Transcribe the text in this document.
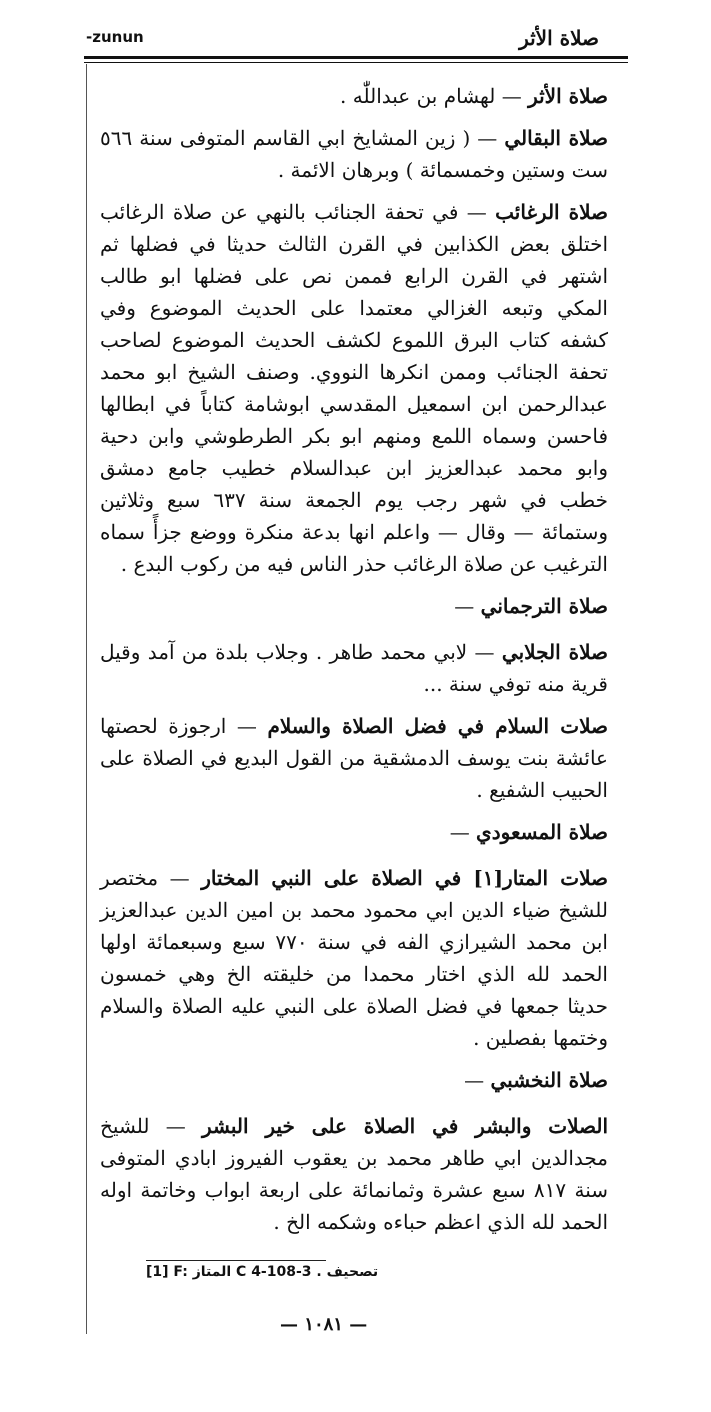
-zunun	صلاة الأثر
صلاة الأثر — لهشام بن عبداللّٰه .
صلاة البقالي — ( زين المشايخ ابي القاسم المتوفى سنة ٥٦٦ ست وستين وخمسمائة ) وبرهان الائمة .
صلاة الرغائب — في تحفة الجنائب بالنهي عن صلاة الرغائب اختلق بعض الكذابين في القرن الثالث حديثا في فضلها ثم اشتهر في القرن الرابع فممن نص على فضلها ابو طالب المكي وتبعه الغزالي معتمدا على الحديث الموضوع وفي كشفه كتاب البرق اللموع لكشف الحديث الموضوع لصاحب تحفة الجنائب وممن انكرها النووي. وصنف الشيخ ابو محمد عبدالرحمن ابن اسمعيل المقدسي ابوشامة كتاباً في ابطالها فاحسن وسماه اللمع ومنهم ابو بكر الطرطوشي وابن دحية وابو محمد عبدالعزيز ابن عبدالسلام خطيب جامع دمشق خطب في شهر رجب يوم الجمعة سنة ٦٣٧ سبع وثلاثين وستمائة — وقال — واعلم انها بدعة منكرة ووضع جزأً سماه الترغيب عن صلاة الرغائب حذر الناس فيه من ركوب البدع .
صلاة الترجماني —
صلاة الجلابي — لابي محمد طاهر . وجلاب بلدة من آمد وقيل قرية منه توفي سنة ...
صلات السلام في فضل الصلاة والسلام — ارجوزة لحصتها عائشة بنت يوسف الدمشقية من القول البديع في الصلاة على الحبيب الشفيع .
صلاة المسعودي —
صلات المتار[١] في الصلاة على النبي المختار — مختصر للشيخ ضياء الدين ابي محمود محمد بن امين الدين عبدالعزيز ابن محمد الشيرازي الفه في سنة ٧٧٠ سبع وسبعمائة اولها الحمد لله الذي اختار محمدا من خليقته الخ وهي خمسون حديثا جمعها في فضل الصلاة على النبي عليه الصلاة والسلام وختمها بفصلين .
صلاة النخشبي —
الصلات والبشر في الصلاة على خير البشر — للشيخ مجدالدين ابي طاهر محمد بن يعقوب الفيروز ابادي المتوفى سنة ٨١٧ سبع عشرة وثمانمائة على اربعة ابواب وخاتمة اوله الحمد لله الذي اعظم حباءه وشكمه الخ .
[1] F: المتاز C 4-108-3 . تصحيف
— ١٠٨١ —
